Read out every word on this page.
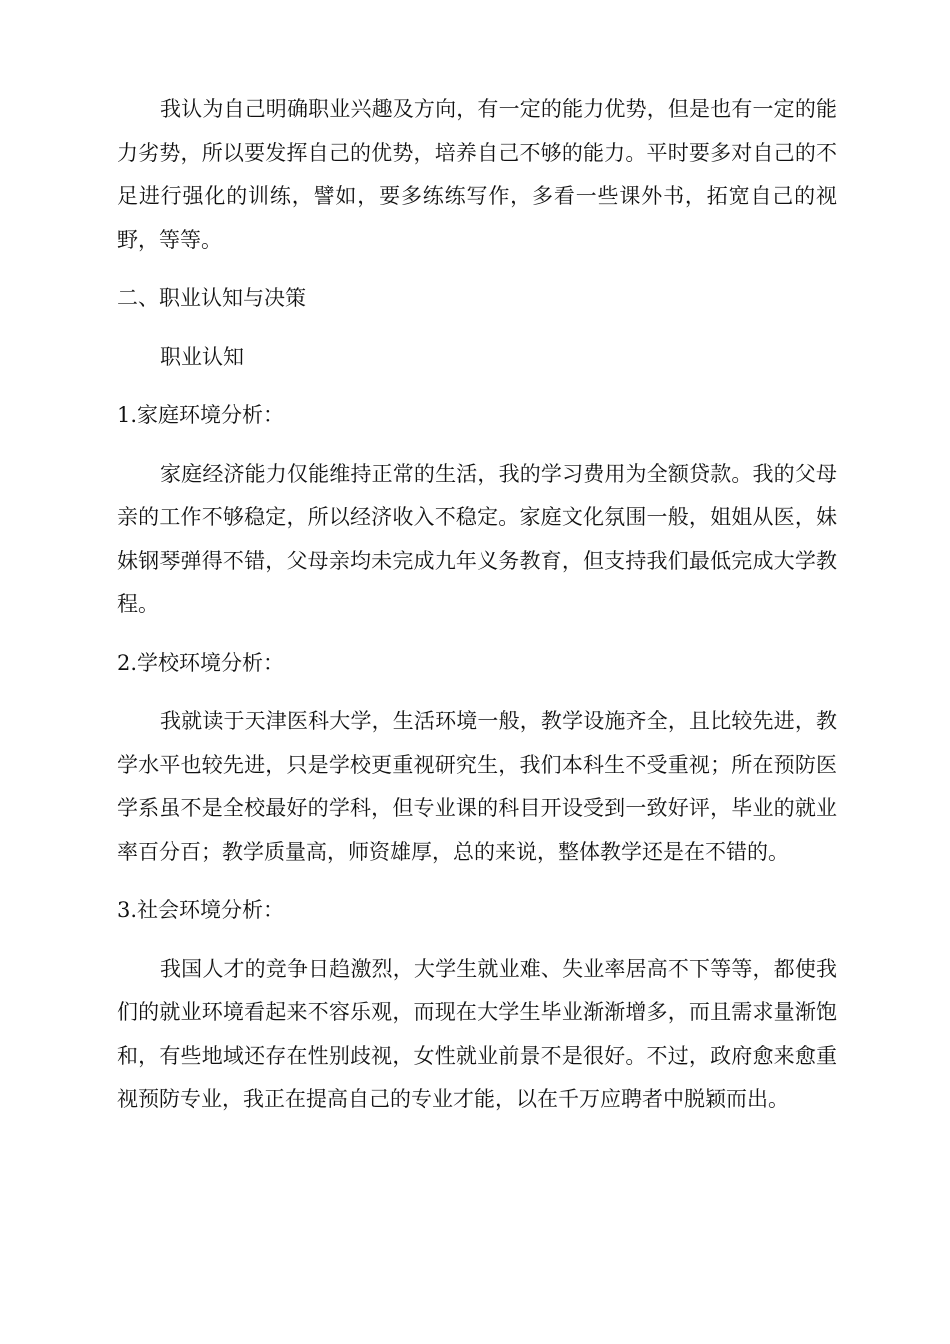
我认为自己明确职业兴趣及方向，有一定的能力优势，但是也有一定的能力劣势，所以要发挥自己的优势，培养自己不够的能力。平时要多对自己的不足进行强化的训练，譬如，要多练练写作，多看一些课外书，拓宽自己的视野，等等。

二、职业认知与决策

职业认知

1.家庭环境分析：

家庭经济能力仅能维持正常的生活，我的学习费用为全额贷款。我的父母亲的工作不够稳定，所以经济收入不稳定。家庭文化氛围一般，姐姐从医，妹妹钢琴弹得不错，父母亲均未完成九年义务教育，但支持我们最低完成大学教程。

2.学校环境分析：

我就读于天津医科大学，生活环境一般，教学设施齐全，且比较先进，教学水平也较先进，只是学校更重视研究生，我们本科生不受重视；所在预防医学系虽不是全校最好的学科，但专业课的科目开设受到一致好评，毕业的就业率百分百；教学质量高，师资雄厚，总的来说，整体教学还是在不错的。

3.社会环境分析：

我国人才的竞争日趋激烈，大学生就业难、失业率居高不下等等，都使我们的就业环境看起来不容乐观，而现在大学生毕业渐渐增多，而且需求量渐饱和，有些地域还存在性别歧视，女性就业前景不是很好。不过，政府愈来愈重视预防专业，我正在提高自己的专业才能，以在千万应聘者中脱颖而出。
